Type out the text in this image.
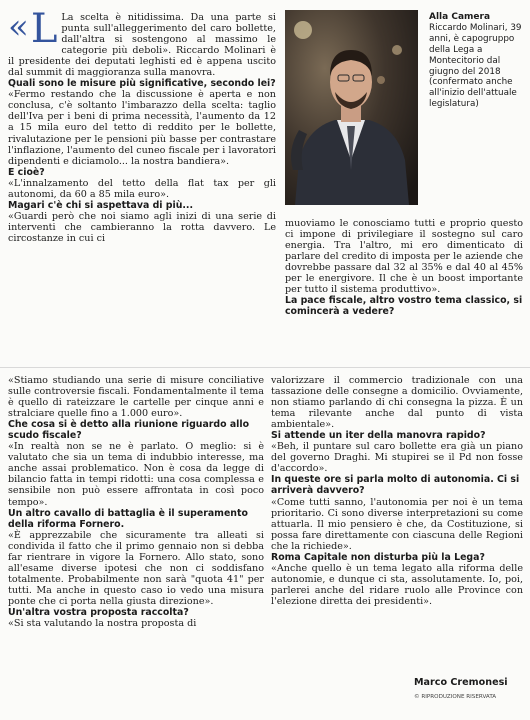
« L La scelta è nitidissima. Da una parte si punta sull'alleggerimento del caro bollette, dall'altra si sostengono al massimo le categorie più deboli». Riccardo Molinari è il presidente dei deputati leghisti ed è appena uscito dal summit di maggioranza sulla manovra.

Quali sono le misure più significative, secondo lei?

«Fermo restando che la discussione è aperta e non conclusa, c'è soltanto l'imbarazzo della scelta: taglio dell'Iva per i beni di prima necessità, l'aumento da 12 a 15 mila euro del tetto di reddito per le bollette, rivalutazione per le pensioni più basse per contrastare l'inflazione, l'aumento del cuneo fiscale per i lavoratori dipendenti e diciamolo... la nostra bandiera».

E cioè?

«L'innalzamento del tetto della flat tax per gli autonomi, da 60 a 85 mila euro».

Magari c'è chi si aspettava di più...

«Guardi però che noi siamo agli inizi di una serie di interventi che cambieranno la rotta davvero. Le circostanze in cui ci

Alla Camera
Riccardo Molinari, 39 anni, è capogruppo della Lega a Montecitorio dal giugno del 2018 (confermato anche all'inizio dell'attuale legislatura)

muoviamo le conosciamo tutti e proprio questo ci impone di privilegiare il sostegno sul caro energia. Tra l'altro, mi ero dimenticato di parlare del credito di imposta per le aziende che dovrebbe passare dal 32 al 35% e dal 40 al 45% per le energivore. Il che è un boost importante per tutto il sistema produttivo».

La pace fiscale, altro vostro tema classico, si comincerà a vedere?

«Stiamo studiando una serie di misure conciliative sulle controversie fiscali. Fondamentalmente il tema è quello di rateizzare le cartelle per cinque anni e stralciare quelle fino a 1.000 euro».

Che cosa si è detto alla riunione riguardo allo scudo fiscale?

«In realtà non se ne è parlato. O meglio: si è valutato che sia un tema di indubbio interesse, ma anche assai problematico. Non è cosa da legge di bilancio fatta in tempi ridotti: una cosa complessa e sensibile non può essere affrontata in così poco tempo».

Un altro cavallo di battaglia è il superamento della riforma Fornero.

«È apprezzabile che sicuramente tra alleati si condivida il fatto che il primo gennaio non si debba far rientrare in vigore la Fornero. Allo stato, sono all'esame diverse ipotesi che non ci soddisfano totalmente. Probabilmente non sarà "quota 41" per tutti. Ma anche in questo caso io vedo una misura ponte che ci porta nella giusta direzione».

Un'altra vostra proposta raccolta?

«Si sta valutando la nostra proposta di

valorizzare il commercio tradizionale con una tassazione delle consegne a domicilio. Ovviamente, non stiamo parlando di chi consegna la pizza. È un tema rilevante anche dal punto di vista ambientale».

Si attende un iter della manovra rapido?

«Beh, il puntare sul caro bollette era già un piano del governo Draghi. Mi stupirei se il Pd non fosse d'accordo».

In queste ore si parla molto di autonomia. Ci si arriverà davvero?

«Come tutti sanno, l'autonomia per noi è un tema prioritario. Ci sono diverse interpretazioni su come attuarla. Il mio pensiero è che, da Costituzione, si possa fare direttamente con ciascuna delle Regioni che la richiede».

Roma Capitale non disturba più la Lega?

«Anche quello è un tema legato alla riforma delle autonomie, e dunque ci sta, assolutamente. Io, poi, parlerei anche del ridare ruolo alle Province con l'elezione diretta dei presidenti».

Marco Cremonesi
© RIPRODUZIONE RISERVATA
